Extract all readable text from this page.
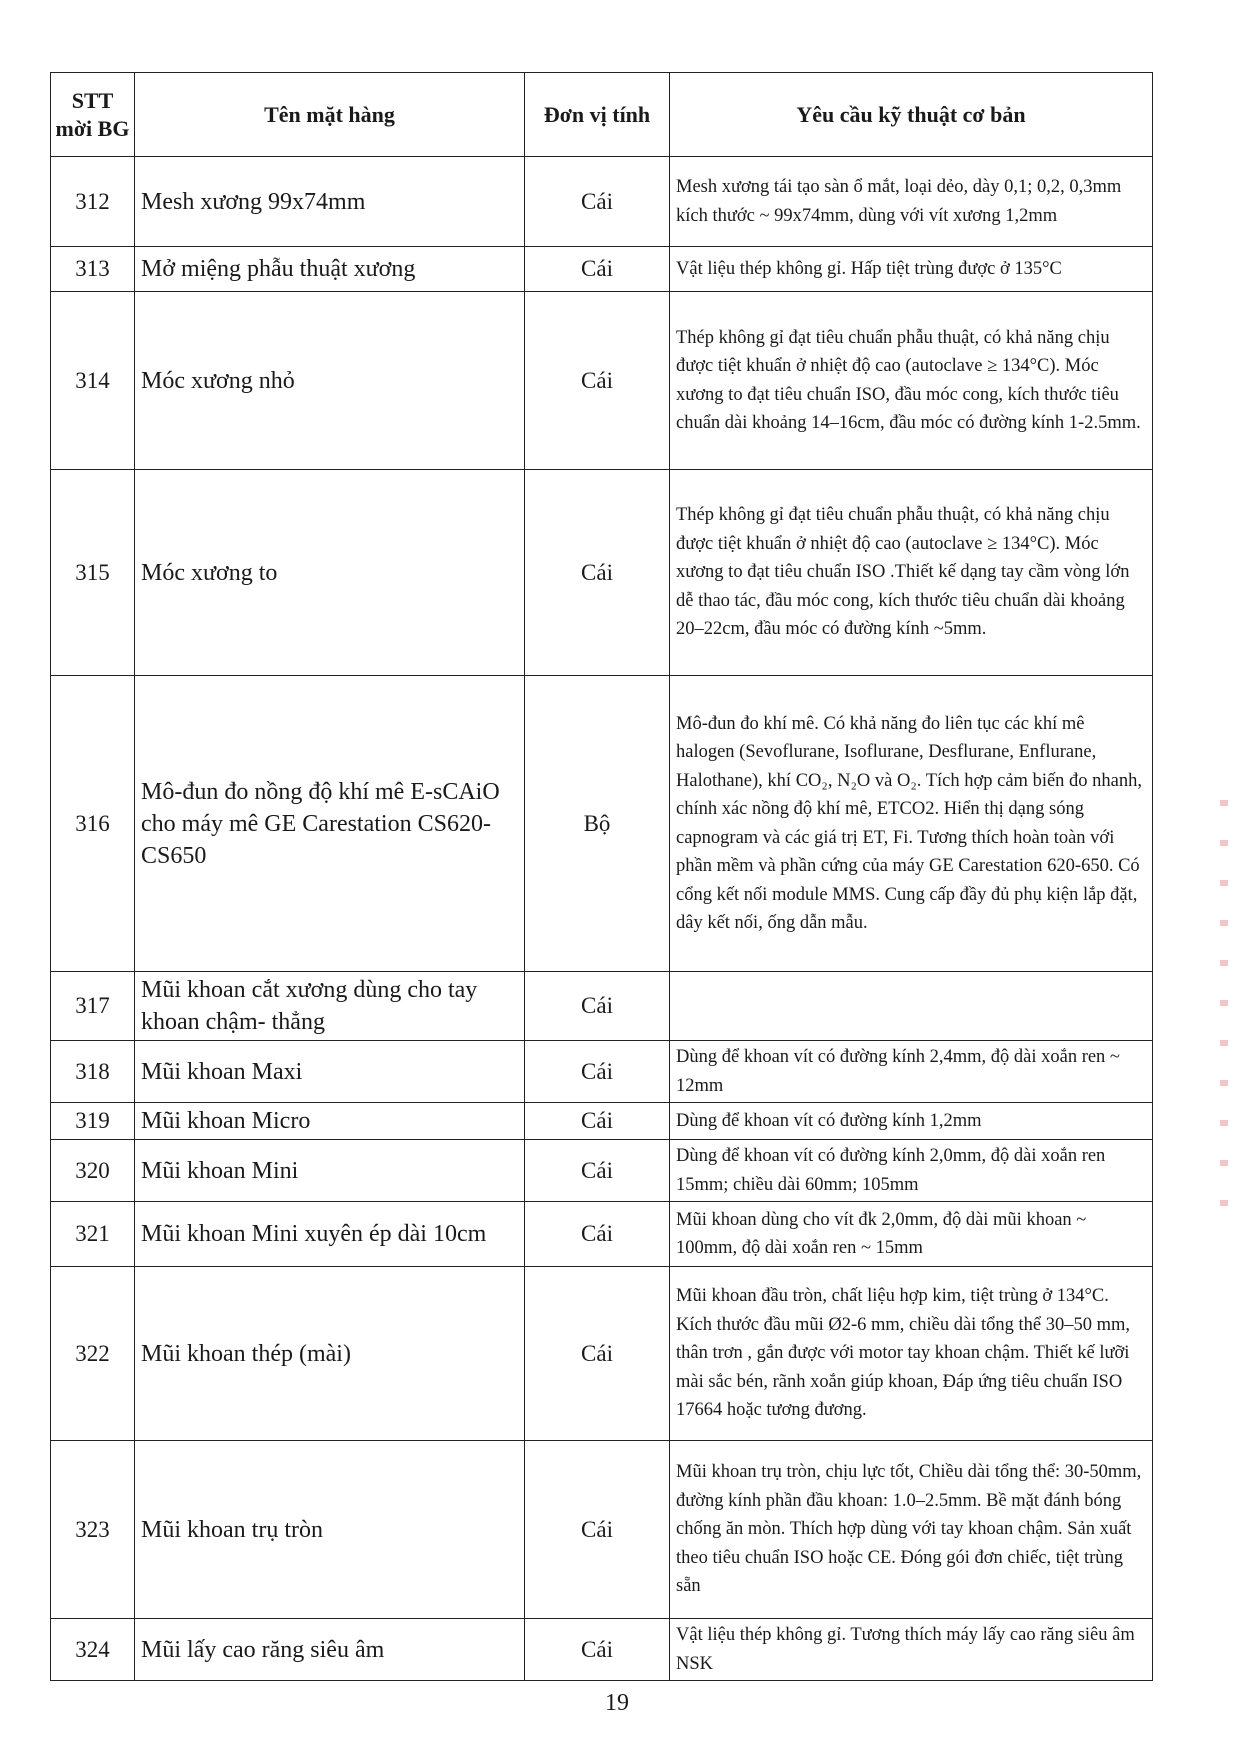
STT mời BG	Tên mặt hàng	Đơn vị tính	Yêu cầu kỹ thuật cơ bản
312	Mesh xương 99x74mm	Cái	Mesh xương tái tạo sàn ổ mắt, loại dẻo, dày 0,1; 0,2, 0,3mm kích thước ~ 99x74mm, dùng với vít xương 1,2mm
313	Mở miệng phẫu thuật xương	Cái	Vật liệu thép không gỉ. Hấp tiệt trùng được ở 135°C
314	Móc xương nhỏ	Cái	Thép không gỉ đạt tiêu chuẩn phẫu thuật, có khả năng chịu được tiệt khuẩn ở nhiệt độ cao (autoclave ≥ 134°C). Móc xương to đạt tiêu chuẩn ISO, đầu móc cong, kích thước tiêu chuẩn dài khoảng 14–16cm, đầu móc có đường kính 1-2.5mm.
315	Móc xương to	Cái	Thép không gỉ đạt tiêu chuẩn phẫu thuật, có khả năng chịu được tiệt khuẩn ở nhiệt độ cao (autoclave ≥ 134°C). Móc xương to đạt tiêu chuẩn ISO .Thiết kế dạng tay cầm vòng lớn dễ thao tác, đầu móc cong, kích thước tiêu chuẩn dài khoảng 20–22cm, đầu móc có đường kính ~5mm.
316	Mô-đun đo nồng độ khí mê E-sCAiO cho máy mê GE Carestation CS620-CS650	Bộ	Mô-đun đo khí mê. Có khả năng đo liên tục các khí mê halogen (Sevoflurane, Isoflurane, Desflurane, Enflurane, Halothane), khí CO₂, N₂O và O₂. Tích hợp cảm biến đo nhanh, chính xác nồng độ khí mê, ETCO2. Hiển thị dạng sóng capnogram và các giá trị ET, Fi. Tương thích hoàn toàn với phần mềm và phần cứng của máy GE Carestation 620-650. Có cổng kết nối module MMS. Cung cấp đầy đủ phụ kiện lắp đặt, dây kết nối, ống dẫn mẫu.
317	Mũi khoan cắt xương dùng cho tay khoan chậm- thẳng	Cái	
318	Mũi khoan Maxi	Cái	Dùng để khoan vít có đường kính 2,4mm, độ dài xoắn ren ~ 12mm
319	Mũi khoan Micro	Cái	Dùng để khoan vít có đường kính 1,2mm
320	Mũi khoan Mini	Cái	Dùng để khoan vít có đường kính 2,0mm, độ dài xoắn ren 15mm; chiều dài 60mm; 105mm
321	Mũi khoan Mini xuyên ép dài 10cm	Cái	Mũi khoan dùng cho vít đk 2,0mm, độ dài mũi khoan ~ 100mm, độ dài xoắn ren ~ 15mm
322	Mũi khoan thép (mài)	Cái	Mũi khoan đầu tròn, chất liệu hợp kim, tiệt trùng ở 134°C. Kích thước đầu mũi Ø2-6 mm, chiều dài tổng thể 30–50 mm, thân trơn , gắn được với motor tay khoan chậm. Thiết kế lưỡi mài sắc bén, rãnh xoắn giúp khoan, Đáp ứng tiêu chuẩn ISO 17664 hoặc tương đương.
323	Mũi khoan trụ tròn	Cái	Mũi khoan trụ tròn, chịu lực tốt, Chiều dài tổng thể: 30-50mm, đường kính phần đầu khoan: 1.0–2.5mm. Bề mặt đánh bóng chống ăn mòn. Thích hợp dùng với tay khoan chậm. Sản xuất theo tiêu chuẩn ISO hoặc CE. Đóng gói đơn chiếc, tiệt trùng sẵn
324	Mũi lấy cao răng siêu âm	Cái	Vật liệu thép không gỉ. Tương thích máy lấy cao răng siêu âm NSK
19
